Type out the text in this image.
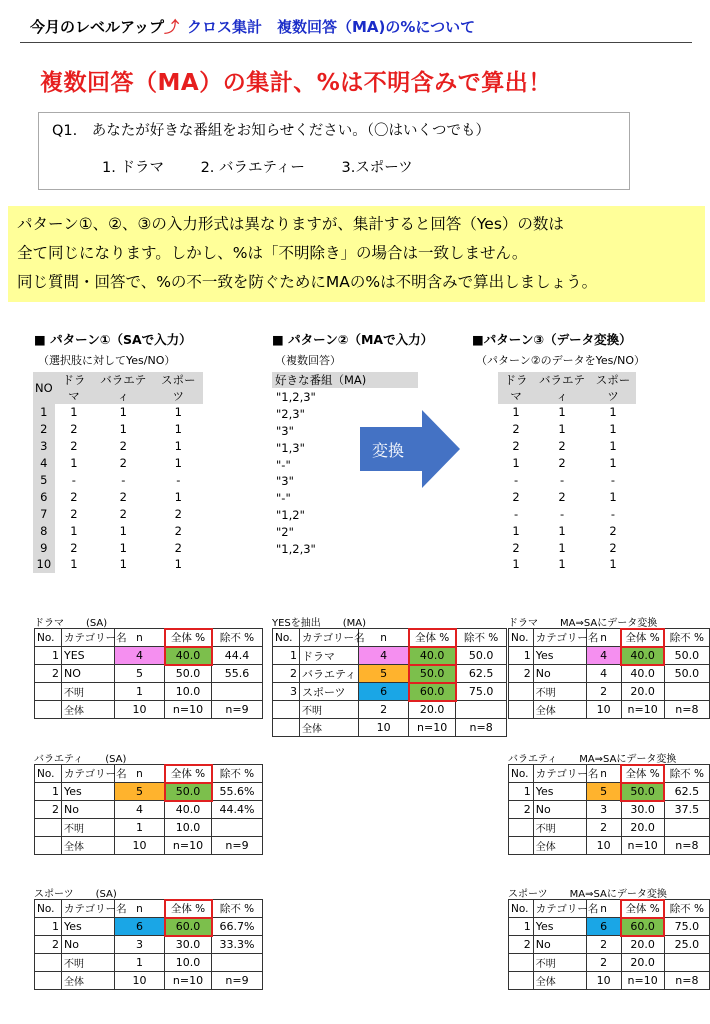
今月のレベルアップ⤴ クロス集計　複数回答（MA)の%について
複数回答（MA）の集計、%は不明含みで算出！
Q1.　あなたが好きな番組をお知らせください。（〇はいくつでも）
1. ドラマ	2. バラエティー	3.スポーツ
パターン①、②、③の入力形式は異なりますが、集計すると回答（Yes）の数は
全て同じになります。しかし、%は「不明除き」の場合は一致しません。
同じ質問・回答で、%の不一致を防ぐためにMAの%は不明含みで算出しましょう。
■ パターン①（SAで入力）
（選択肢に対してYes/NO）
NO	ドラマ	バラエティ	スポーツ
1	1	1	1
2	2	1	1
3	2	2	1
4	1	2	1
5	-	-	-
6	2	2	1
7	2	2	2
8	1	1	2
9	2	1	2
10	1	1	1
■ パターン②（MAで入力）
（複数回答）
好きな番組（MA)
"1,2,3"
"2,3"
"3"
"1,3"
"-"
"3"
"-"
"1,2"
"2"
"1,2,3"
変換
■パターン③（データ変換）
（パターン②のデータをYes/NO）
ドラマ	バラエティ	スポーツ
1	1	1
2	1	1
2	2	1
1	2	1
-	-	-
2	2	1
-	-	-
1	1	2
2	1	2
1	1	1
ドラマ (SA)
No.	カテゴリー名	n	全体 %	除不 %
1	YES	4	40.0	44.4
2	NO	5	50.0	55.6
	不明	1	10.0	
	全体	10	n=10	n=9
バラエティ (SA)
No.	カテゴリー名	n	全体 %	除不 %
1	Yes	5	50.0	55.6%
2	No	4	40.0	44.4%
	不明	1	10.0	
	全体	10	n=10	n=9
スポーツ (SA)
No.	カテゴリー名	n	全体 %	除不 %
1	Yes	6	60.0	66.7%
2	No	3	30.0	33.3%
	不明	1	10.0	
	全体	10	n=10	n=9
YESを抽出 (MA)
No.	カテゴリー名	n	全体 %	除不 %
1	ドラマ	4	40.0	50.0
2	バラエティ	5	50.0	62.5
3	スポーツ	6	60.0	75.0
	不明	2	20.0	
	全体	10	n=10	n=8
ドラマ MA⇒SAにデータ変換
No.	カテゴリー名	n	全体 %	除不 %
1	Yes	4	40.0	50.0
2	No	4	40.0	50.0
	不明	2	20.0	
	全体	10	n=10	n=8
バラエティ MA⇒SAにデータ変換
No.	カテゴリー名	n	全体 %	除不 %
1	Yes	5	50.0	62.5
2	No	3	30.0	37.5
	不明	2	20.0	
	全体	10	n=10	n=8
スポーツ MA⇒SAにデータ変換
No.	カテゴリー名	n	全体 %	除不 %
1	Yes	6	60.0	75.0
2	No	2	20.0	25.0
	不明	2	20.0	
	全体	10	n=10	n=8
